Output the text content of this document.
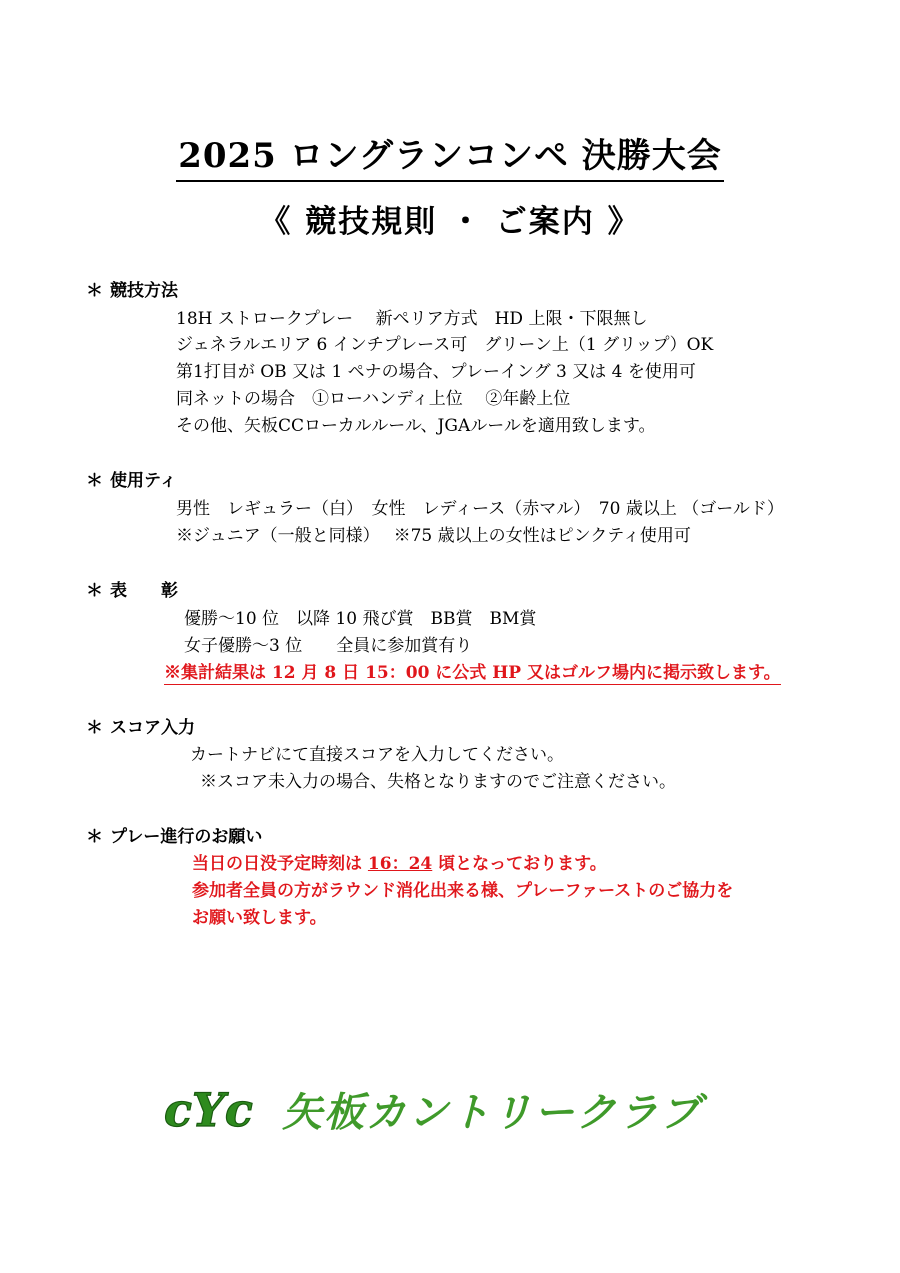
2025 ロングランコンペ 決勝大会
《 競技規則 ・ ご案内 》
＊ 競技方法
18H ストロークプレー　 新ペリア方式　HD 上限・下限無し
ジェネラルエリア 6 インチプレース可　グリーン上（1 グリップ）OK
第1打目が OB 又は 1 ペナの場合、プレーイング 3 又は 4 を使用可
同ネットの場合　①ローハンディ上位　 ②年齢上位
その他、矢板CCローカルルール、JGAルールを適用致します。
＊ 使用ティ
男性　レギュラー（白）　女性　レディース（赤マル）　70 歳以上 （ゴールド）
※ジュニア（一般と同様）　 ※75 歳以上の女性はピンクティ使用可
＊ 表　　彰
優勝～10 位　以降 10 飛び賞　BB賞　BM賞
女子優勝～3 位　　全員に参加賞有り
※集計結果は 12 月 8 日 15：00 に公式 HP 又はゴルフ場内に掲示致します。
＊ スコア入力
カートナビにて直接スコアを入力してください。
※スコア未入力の場合、失格となりますのでご注意ください。
＊ プレー進行のお願い
当日の日没予定時刻は 16：24 頃となっております。
参加者全員の方がラウンド消化出来る様、プレーファーストのご協力を
お願い致します。
cYc 矢板カントリークラブ
